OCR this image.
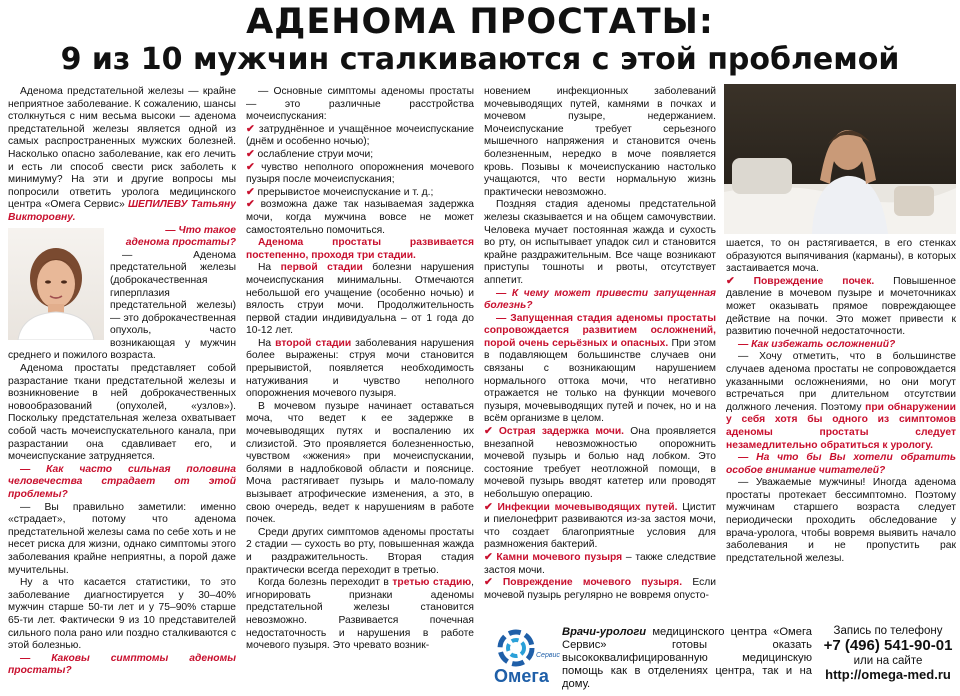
АДЕНОМА ПРОСТАТЫ:
9 из 10 мужчин сталкиваются с этой проблемой

Аденома предстательной железы — крайне неприятное заболевание. К сожалению, шансы столкнуться с ним весьма высоки — аденома предстательной железы является одной из самых распространенных мужских болезней. Насколько опасно заболевание, как его лечить и есть ли способ свести риск заболеть к минимуму? На эти и другие вопросы мы попросили ответить уролога медицинского центра «Омега Сервис» ШЕПИЛЕВУ Татьяну Викторовну.

— Что такое аденома простаты?

— Аденома предстательной железы (доброкачественная гиперплазия предстательной железы) — это доброкачественная опухоль, часто возникающая у мужчин среднего и пожилого возраста.

Аденома простаты представляет собой разрастание ткани предстательной железы и возникновение в ней доброкачественных новообразований (опухолей, «узлов»). Поскольку предстательная железа охватывает собой часть мочеиспускательного канала, при разрастании она сдавливает его, и мочеиспускание затрудняется.

— Как часто сильная половина человечества страдает от этой проблемы?

— Вы правильно заметили: именно «страдает», потому что аденома предстательной железы сама по себе хоть и не несет риска для жизни, однако симптомы этого заболевания крайне неприятны, а порой даже мучительны.

Ну а что касается статистики, то это заболевание диагностируется у 30–40% мужчин старше 50-ти лет и у 75–90% старше 65-ти лет. Фактически 9 из 10 представителей сильного пола рано или поздно сталкиваются с этой болезнью.

— Каковы симптомы аденомы простаты?

— Основные симптомы аденомы простаты — это различные расстройства мочеиспускания:

✔ затруднённое и учащённое мочеиспускание (днём и особенно ночью);

✔ ослабление струи мочи;

✔ чувство неполного опорожнения мочевого пузыря после мочеиспускания;

✔ прерывистое мочеиспускание и т. д.;

✔ возможна даже так называемая задержка мочи, когда мужчина вовсе не может самостоятельно помочиться.

Аденома простаты развивается постепенно, проходя три стадии.

На первой стадии болезни нарушения мочеиспускания минимальны. Отмечаются небольшой его учащение (особенно ночью) и вялость струи мочи. Продолжительность первой стадии индивидуальна – от 1 года до 10-12 лет.

На второй стадии заболевания нарушения более выражены: струя мочи становится прерывистой, появляется необходимость натуживания и чувство неполного опорожнения мочевого пузыря.

В мочевом пузыре начинает оставаться моча, что ведет к ее задержке в мочевыводящих путях и воспалению их слизистой. Это проявляется болезненностью, чувством «жжения» при мочеиспускании, болями в надлобковой области и пояснице. Моча растягивает пузырь и мало-помалу вызывает атрофические изменения, а это, в свою очередь, ведет к нарушениям в работе почек.

Среди других симптомов аденомы простаты 2 стадии — сухость во рту, повышенная жажда и раздражительность. Вторая стадия практически всегда переходит в третью.

Когда болезнь переходит в третью стадию, игнорировать признаки аденомы предстательной железы становится невозможно. Развивается почечная недостаточность и нарушения в работе мочевого пузыря. Это чревато возник-

новением инфекционных заболеваний мочевыводящих путей, камнями в почках и мочевом пузыре, недержанием. Мочеиспускание требует серьезного мышечного напряжения и становится очень болезненным, нередко в моче появляется кровь. Позывы к мочеиспусканию настолько учащаются, что вести нормальную жизнь практически невозможно.

Поздняя стадия аденомы предстательной железы сказывается и на общем самочувствии. Человека мучает постоянная жажда и сухость во рту, он испытывает упадок сил и становится крайне раздражительным. Все чаще возникают приступы тошноты и рвоты, отсутствует аппетит.

— К чему может привести запущенная болезнь?

— Запущенная стадия аденомы простаты сопровождается развитием осложнений, порой очень серьёзных и опасных. При этом в подавляющем большинстве случаев они связаны с возникающим нарушением нормального оттока мочи, что негативно отражается не только на функции мочевого пузыря, мочевыводящих путей и почек, но и на всём организме в целом.

✔ Острая задержка мочи. Она проявляется внезапной невозможностью опорожнить мочевой пузырь и болью над лобком. Это состояние требует неотложной помощи, в мочевой пузырь вводят катетер или проводят небольшую операцию.

✔ Инфекции мочевыводящих путей. Цистит и пиелонефрит развиваются из-за застоя мочи, что создает благоприятные условия для размножения бактерий.

✔ Камни мочевого пузыря – также следствие застоя мочи.

✔ Повреждение мочевого пузыря. Если мочевой пузырь регулярно не вовремя опусто-

шается, то он растягивается, в его стенках образуются выпячивания (карманы), в которых застаивается моча.

✔ Повреждение почек. Повышенное давление в мочевом пузыре и мочеточниках может оказывать прямое повреждающее действие на почки. Это может привести к развитию почечной недостаточности.

— Как избежать осложнений?

— Хочу отметить, что в большинстве случаев аденома простаты не сопровождается указанными осложнениями, но они могут встречаться при длительном отсутствии должного лечения. Поэтому при обнаружении у себя хотя бы одного из симптомов аденомы простаты следует незамедлительно обратиться к урологу.

— На что бы Вы хотели обратить особое внимание читателей?

— Уважаемые мужчины! Иногда аденома простаты протекает бессимптомно. Поэтому мужчинам старшего возраста следует периодически проходить обследование у врача-уролога, чтобы вовремя выявить начало заболевания и не пропустить рак предстательной железы.

Омега
Сервис
Врачи-урологи медицинского центра «Омега Сервис» готовы оказать высококвалифицированную медицинскую помощь как в отделениях центра, так и на дому.
Запись по телефону
+7 (496) 541-90-01
или на сайте
http://omega-med.ru
